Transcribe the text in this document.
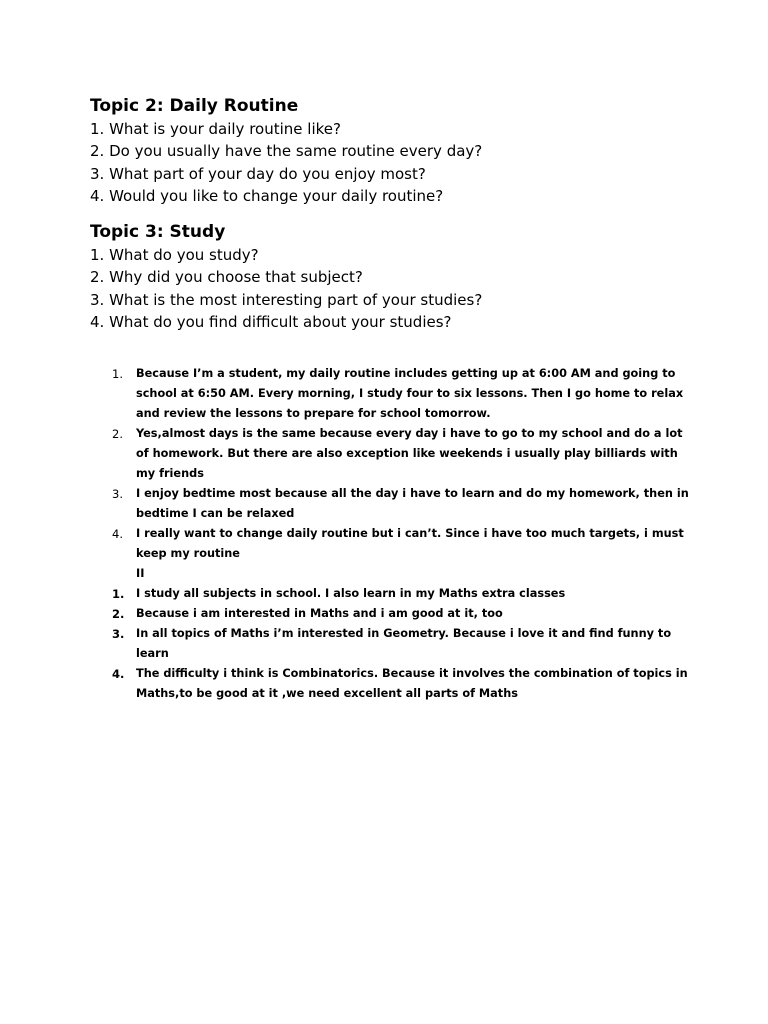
Topic 2: Daily Routine
1. What is your daily routine like?
2. Do you usually have the same routine every day?
3. What part of your day do you enjoy most?
4. Would you like to change your daily routine?
Topic 3: Study
1. What do you study?
2. Why did you choose that subject?
3. What is the most interesting part of your studies?
4. What do you find difficult about your studies?
1. Because I’m a student, my daily routine includes getting up at 6:00 AM and going to school at 6:50 AM. Every morning, I study four to six lessons. Then I go home to relax and review the lessons to prepare for school tomorrow.
2. Yes,almost days is the same because every day i have to go to my school and do a lot of homework. But there are also exception like weekends i usually play billiards with my friends
3. I enjoy bedtime most because all the day i have to learn and do my homework, then in bedtime I can be relaxed
4. I really want to change daily routine but i can’t. Since i have too much targets, i must keep my routine
II
1. I study all subjects in school. I also learn in my Maths extra classes
2. Because i am interested in Maths and i am good at it, too
3. In all topics of Maths i’m interested in Geometry. Because i love it and find funny to learn
4. The difficulty i think is Combinatorics. Because it involves the combination of topics in Maths,to be good at it ,we need excellent all parts of Maths
